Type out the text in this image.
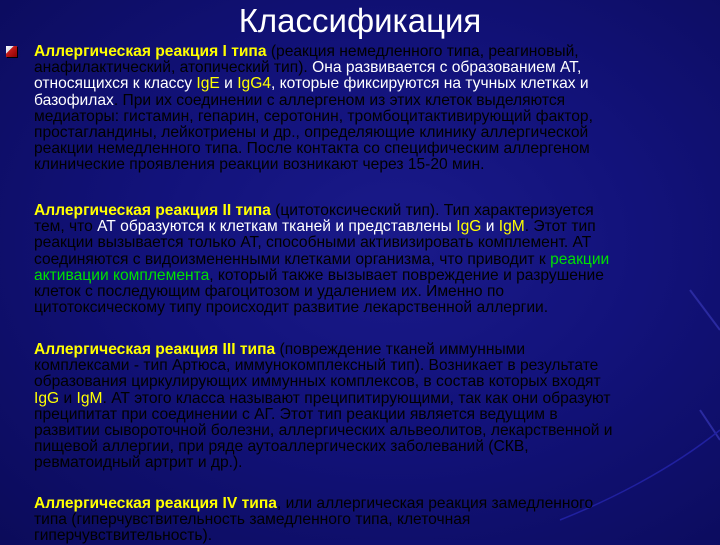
Классификация
Аллергическая реакция I типа (реакция немедленного типа, реагиновый,
анафилактический, атопический тип). Она развивается с образованием АТ,
относящихся к классу IgE и IgG4, которые фиксируются на тучных клетках и
базофилах. При их соединении с аллергеном из этих клеток выделяются
медиаторы: гистамин, гепарин, серотонин, тромбоцитактивирующий фактор,
простагландины, лейкотриены и др., определяющие клинику аллергической
реакции немедленного типа. После контакта со специфическим аллергеном
клинические проявления реакции возникают через 15-20 мин.
Аллергическая реакция II типа (цитотоксический тип). Тип характеризуется
тем, что АТ образуются к клеткам тканей и представлены IgG и IgM. Этот тип
реакции вызывается только АТ, способными активизировать комплемент. АТ
соединяются с видоизмененными клетками организма, что приводит к реакции
активации комплемента, который также вызывает повреждение и разрушение
клеток с последующим фагоцитозом и удалением их. Именно по
цитотоксическому типу происходит развитие лекарственной аллергии.
Аллергическая реакция III типа (повреждение тканей иммунными
комплексами - тип Артюса, иммунокомплексный тип). Возникает в результате
образования циркулирующих иммунных комплексов, в состав которых входят
IgG и IgM. АТ этого класса называют преципитирующими, так как они образуют
преципитат при соединении с АГ. Этот тип реакции является ведущим в
развитии сывороточной болезни, аллергических альвеолитов, лекарственной и
пищевой аллергии, при ряде аутоаллергических заболеваний (СКВ,
ревматоидный артрит и др.).
Аллергическая реакция IV типа, или аллергическая реакция замедленного
типа (гиперчувствительность замедленного типа, клеточная
гиперчувствительность).
